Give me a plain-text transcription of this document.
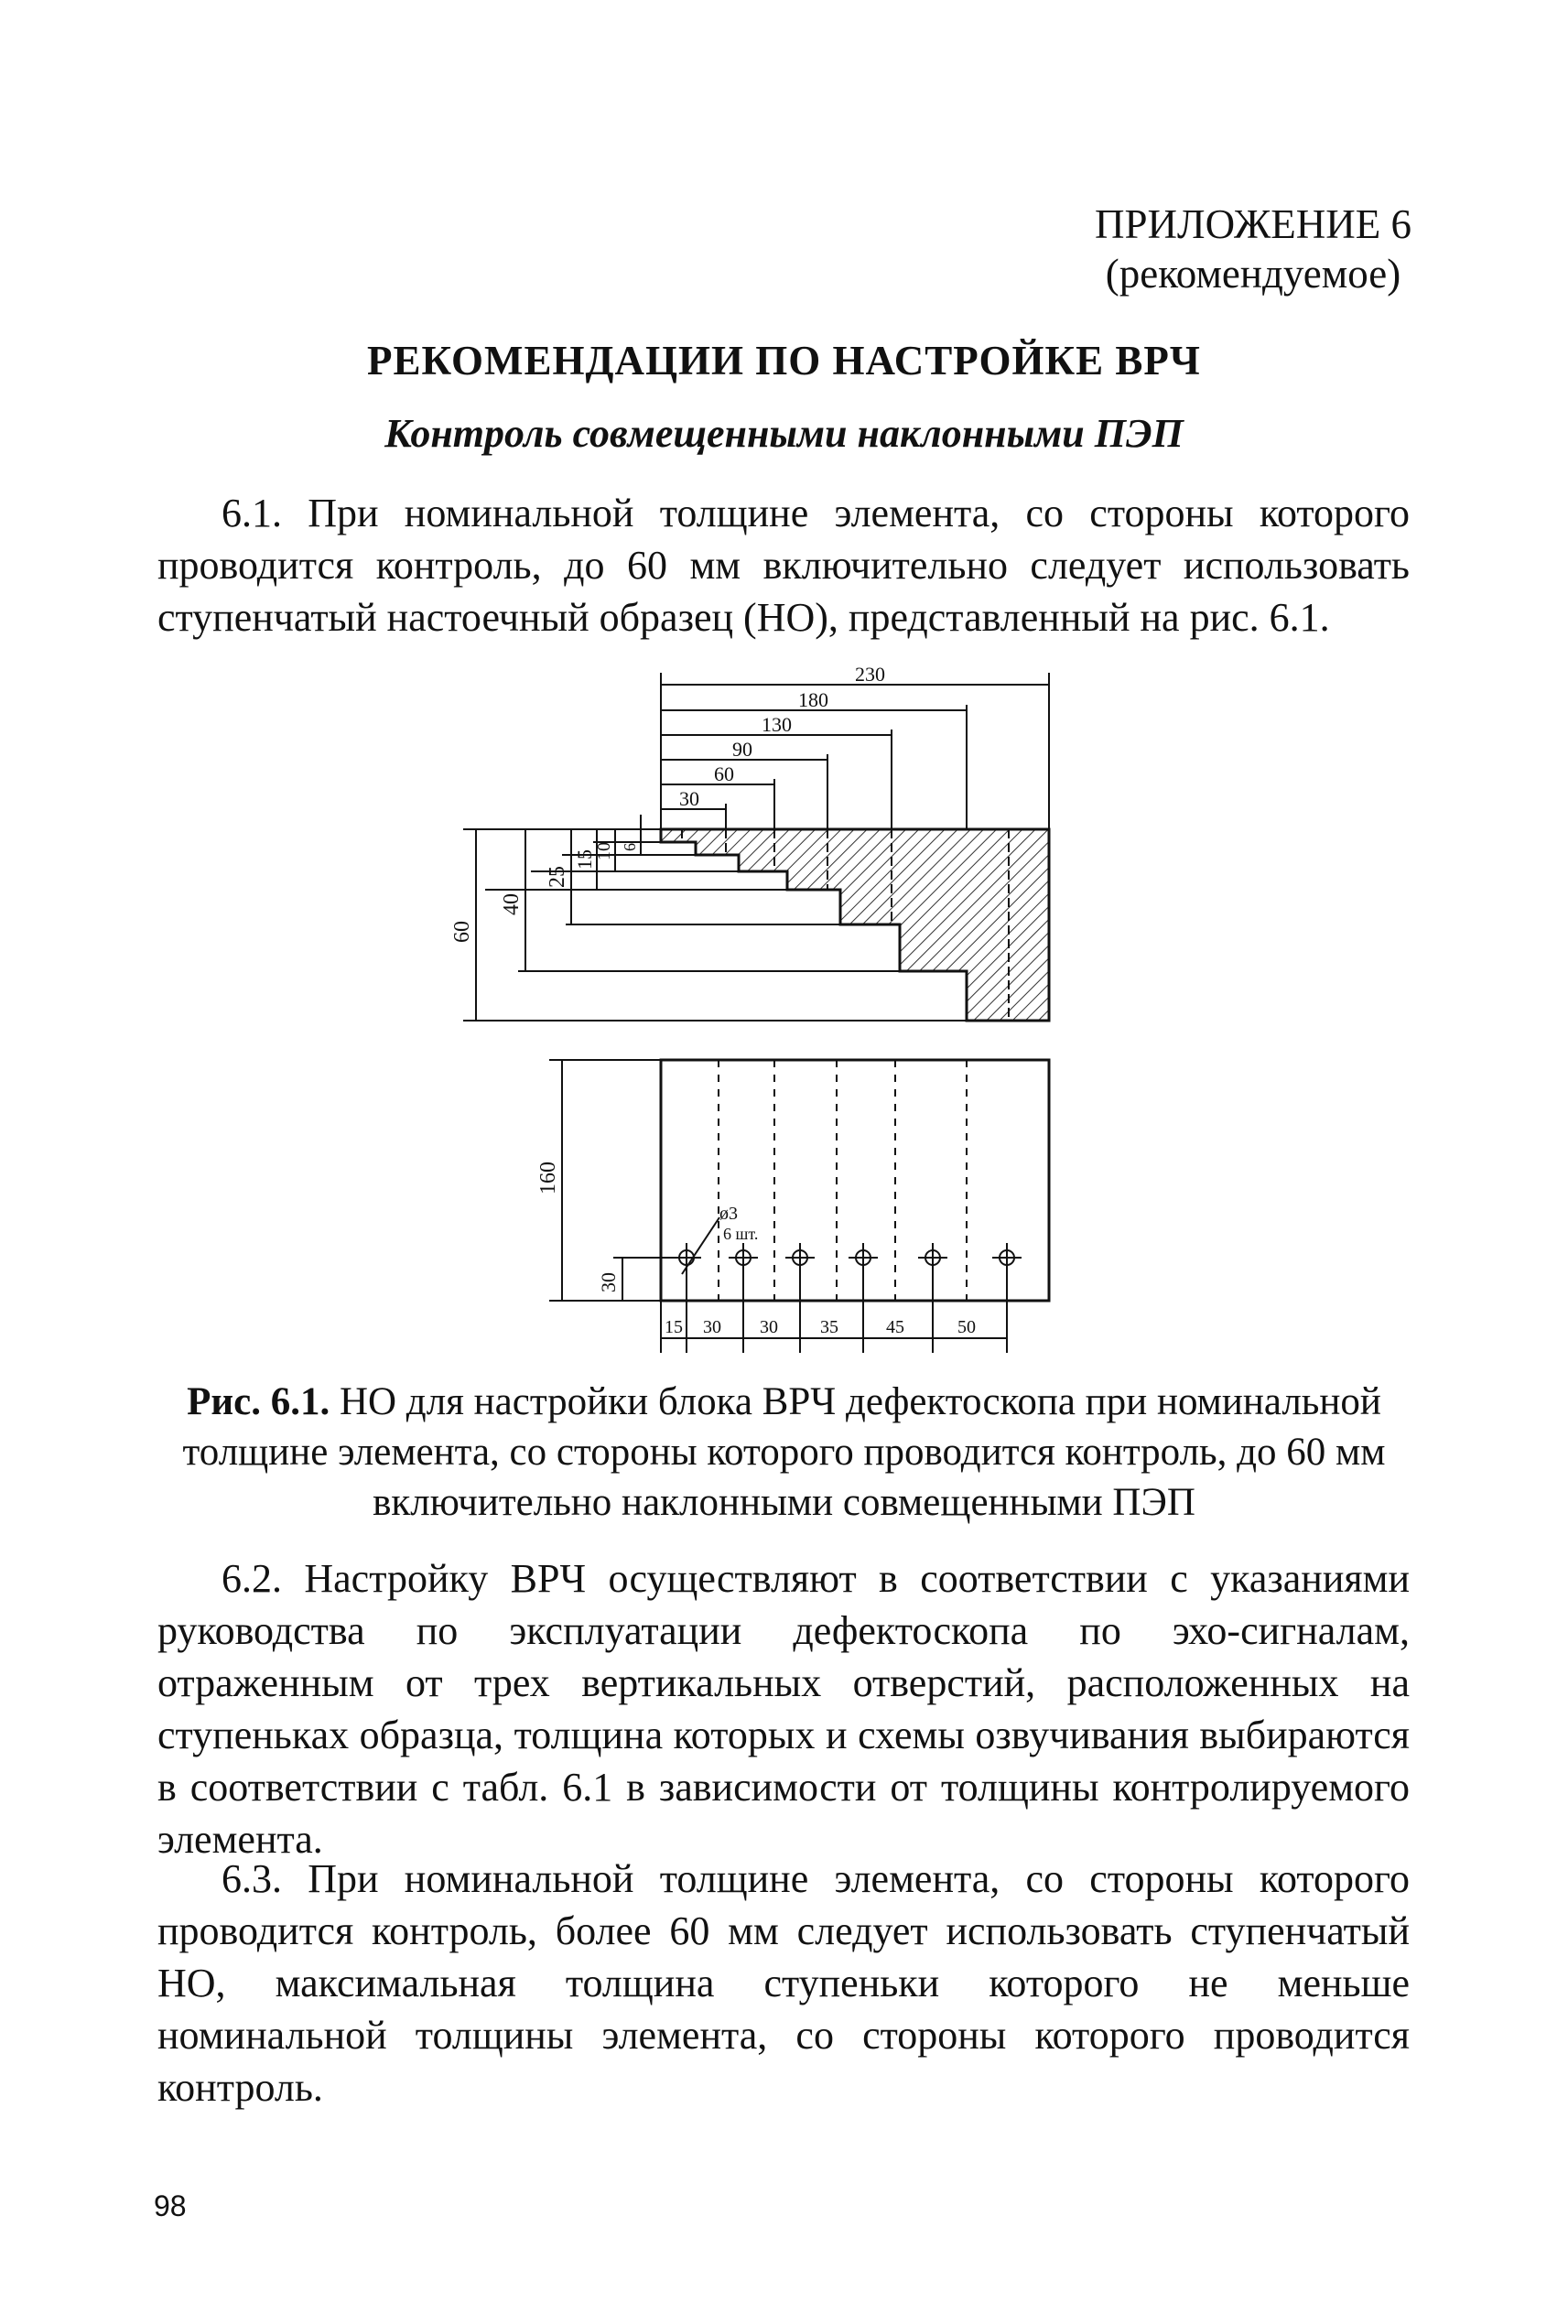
ПРИЛОЖЕНИЕ 6
(рекомендуемое)
РЕКОМЕНДАЦИИ ПО НАСТРОЙКЕ ВРЧ
Контроль совмещенными наклонными ПЭП
6.1. При номинальной толщине элемента, со стороны которого проводится контроль, до 60 мм включительно следует использовать ступенчатый настоечный образец (НО), представленный на рис. 6.1.
60
40
25
15
10 6
230
180
130
90
60
30
ø3
6 шт.
160
30
15 30 30 35	45	50
Рис. 6.1. НО для настройки блока ВРЧ дефектоскопа при номинальной толщине элемента, со стороны которого проводится контроль, до 60 мм включительно наклонными совмещенными ПЭП
6.2. Настройку ВРЧ осуществляют в соответствии с указаниями руководства по эксплуатации дефектоскопа по эхо-сигналам, отраженным от трех вертикальных отверстий, расположенных на ступеньках образца, толщина которых и схемы озвучивания выбираются в соответствии с табл. 6.1 в зависимости от толщины контролируемого элемента.
6.3. При номинальной толщине элемента, со стороны которого проводится контроль, более 60 мм следует использовать ступенчатый НО, максимальная толщина ступеньки которого не меньше номинальной толщины элемента, со стороны которого проводится контроль.
98
